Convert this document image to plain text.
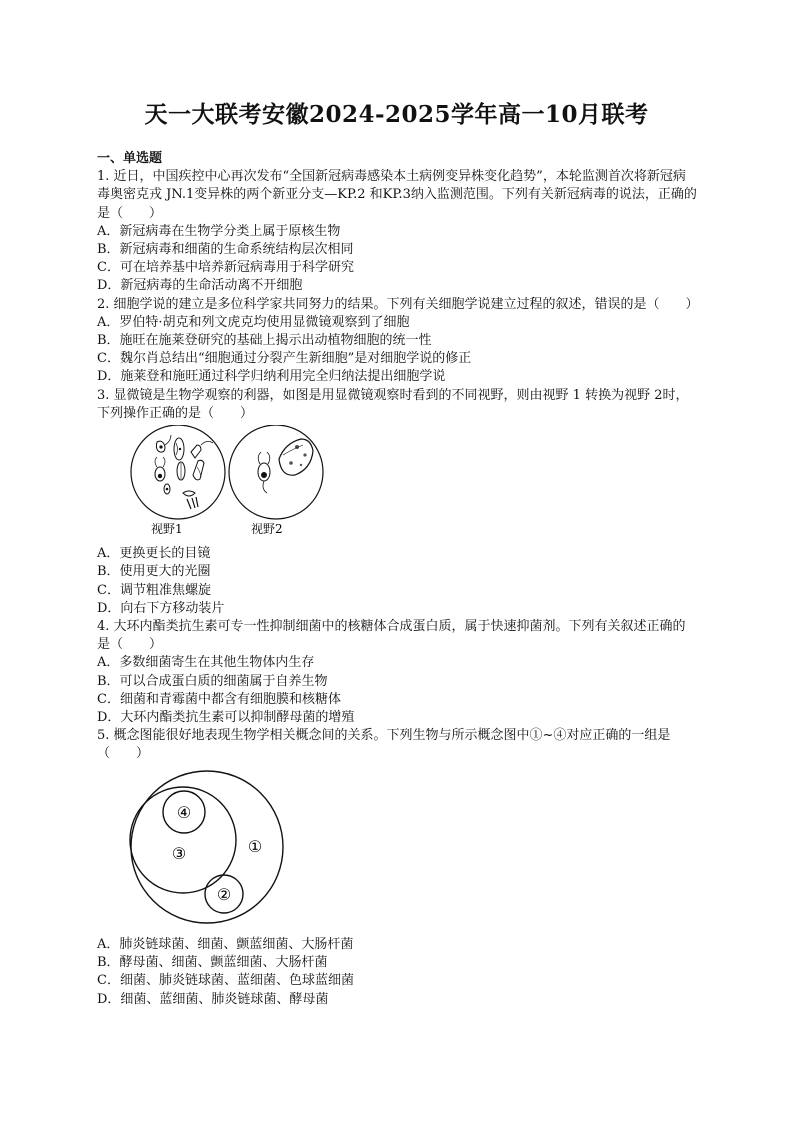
天一大联考安徽2024-2025学年高一10月联考
一、单选题

1. 近日，中国疾控中心再次发布“全国新冠病毒感染本土病例变异株变化趋势”，本轮监测首次将新冠病毒奥密克戎 JN.1变异株的两个新亚分支—KP.2 和KP.3纳入监测范围。下列有关新冠病毒的说法，正确的是（　　）

A．新冠病毒在生物学分类上属于原核生物

B．新冠病毒和细菌的生命系统结构层次相同

C．可在培养基中培养新冠病毒用于科学研究

D．新冠病毒的生命活动离不开细胞

2. 细胞学说的建立是多位科学家共同努力的结果。下列有关细胞学说建立过程的叙述，错误的是（　　）

A．罗伯特·胡克和列文虎克均使用显微镜观察到了细胞

B．施旺在施莱登研究的基础上揭示出动植物细胞的统一性

C．魏尔肖总结出“细胞通过分裂产生新细胞”是对细胞学说的修正

D．施莱登和施旺通过科学归纳利用完全归纳法提出细胞学说

3. 显微镜是生物学观察的利器，如图是用显微镜观察时看到的不同视野，则由视野 1 转换为视野 2时，下列操作正确的是（　　）

视野1	视野2

A．更换更长的目镜

B．使用更大的光圈

C．调节粗准焦螺旋

D．向右下方移动装片

4. 大环内酯类抗生素可专一性抑制细菌中的核糖体合成蛋白质，属于快速抑菌剂。下列有关叙述正确的是（　　）

A．多数细菌寄生在其他生物体内生存

B．可以合成蛋白质的细菌属于自养生物

C．细菌和青霉菌中都含有细胞膜和核糖体

D．大环内酯类抗生素可以抑制酵母菌的增殖

5. 概念图能很好地表现生物学相关概念间的关系。下列生物与所示概念图中①~④对应正确的一组是（　　）

④
③	①
②

A．肺炎链球菌、细菌、颤蓝细菌、大肠杆菌

B．酵母菌、细菌、颤蓝细菌、大肠杆菌

C．细菌、肺炎链球菌、蓝细菌、色球蓝细菌

D．细菌、蓝细菌、肺炎链球菌、酵母菌
